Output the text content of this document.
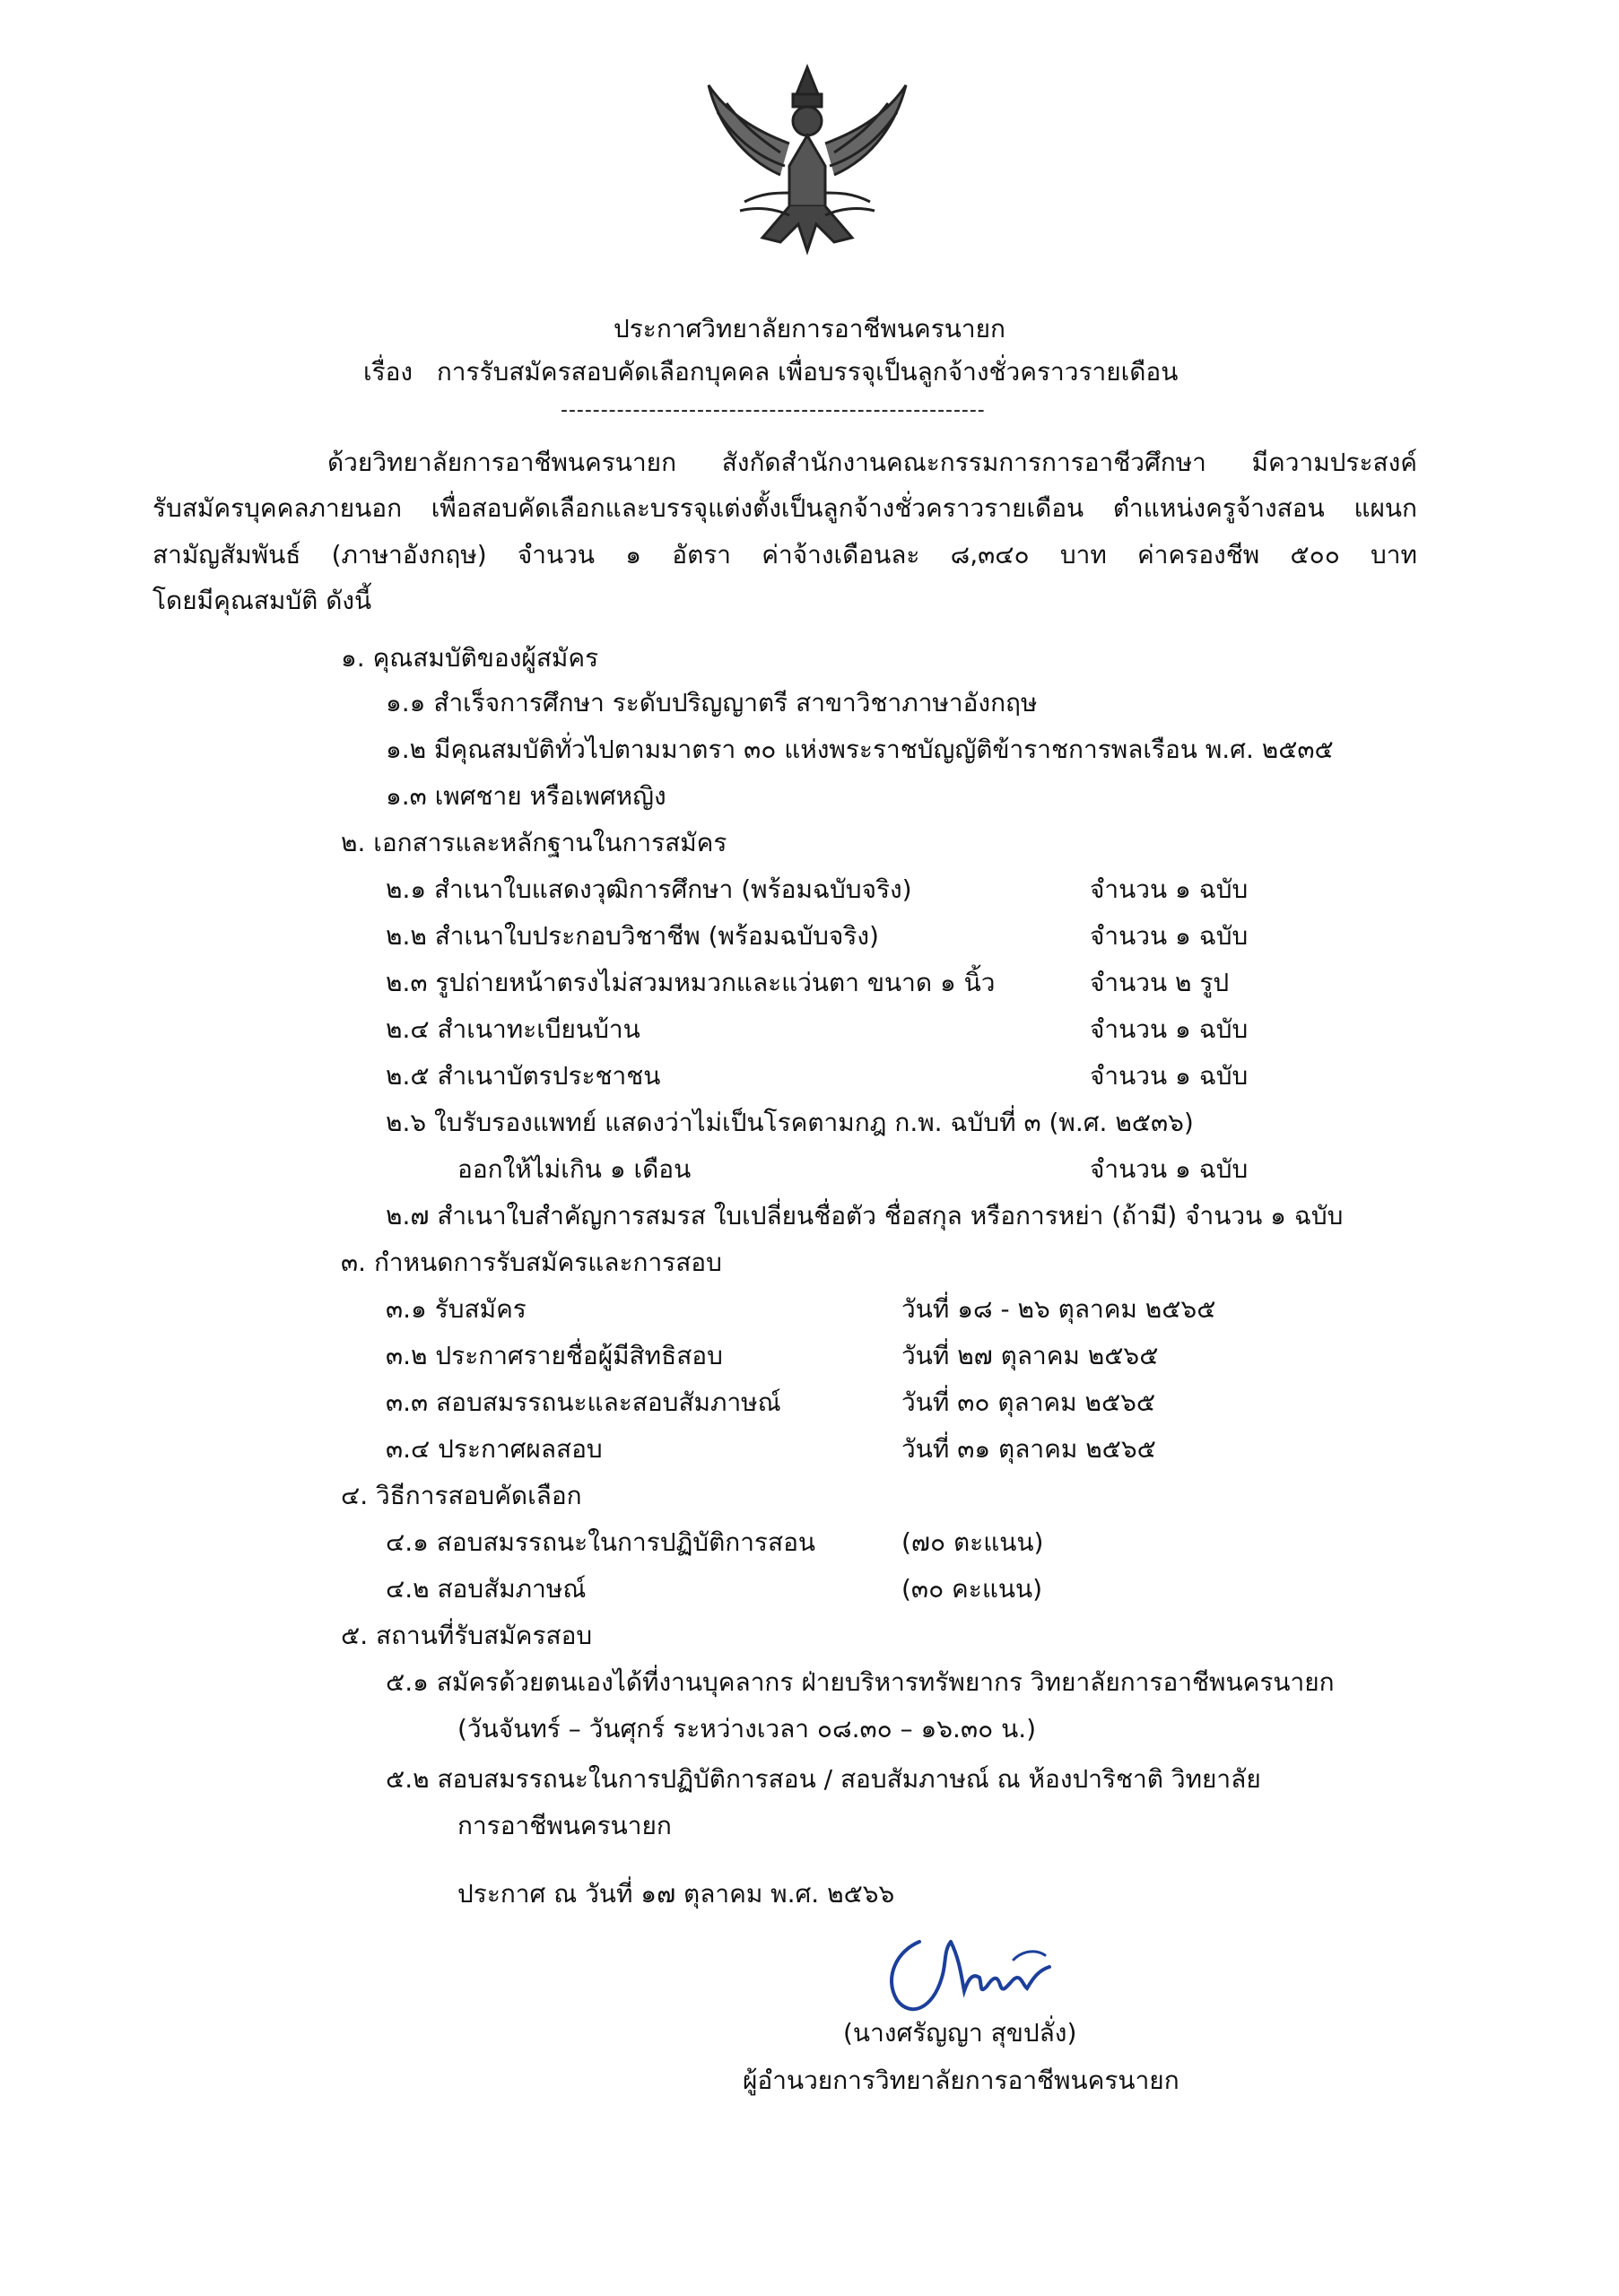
ประกาศวิทยาลัยการอาชีพนครนายก
เรื่อง การรับสมัครสอบคัดเลือกบุคคล เพื่อบรรจุเป็นลูกจ้างชั่วคราวรายเดือน
-----------------------------------------------------
ด้วยวิทยาลัยการอาชีพนครนายก สังกัดสำนักงานคณะกรรมการการอาชีวศึกษา มีความประสงค์
รับสมัครบุคคลภายนอก เพื่อสอบคัดเลือกและบรรจุแต่งตั้งเป็นลูกจ้างชั่วคราวรายเดือน ตำแหน่งครูจ้างสอน แผนก
สามัญสัมพันธ์ (ภาษาอังกฤษ) จำนวน ๑ อัตรา ค่าจ้างเดือนละ ๘,๓๔๐ บาท ค่าครองชีพ ๕๐๐ บาท
โดยมีคุณสมบัติ ดังนี้
๑. คุณสมบัติของผู้สมัคร
๑.๑ สำเร็จการศึกษา ระดับปริญญาตรี สาขาวิชาภาษาอังกฤษ
๑.๒ มีคุณสมบัติทั่วไปตามมาตรา ๓๐ แห่งพระราชบัญญัติข้าราชการพลเรือน พ.ศ. ๒๕๓๕
๑.๓ เพศชาย หรือเพศหญิง
๒. เอกสารและหลักฐานในการสมัคร
๒.๑ สำเนาใบแสดงวุฒิการศึกษา (พร้อมฉบับจริง)	จำนวน ๑ ฉบับ
๒.๒ สำเนาใบประกอบวิชาชีพ (พร้อมฉบับจริง)	จำนวน ๑ ฉบับ
๒.๓ รูปถ่ายหน้าตรงไม่สวมหมวกและแว่นตา ขนาด ๑ นิ้ว	จำนวน ๒ รูป
๒.๔ สำเนาทะเบียนบ้าน	จำนวน ๑ ฉบับ
๒.๕ สำเนาบัตรประชาชน	จำนวน ๑ ฉบับ
๒.๖ ใบรับรองแพทย์ แสดงว่าไม่เป็นโรคตามกฎ ก.พ. ฉบับที่ ๓ (พ.ศ. ๒๕๓๖)
ออกให้ไม่เกิน ๑ เดือน	จำนวน ๑ ฉบับ
๒.๗ สำเนาใบสำคัญการสมรส ใบเปลี่ยนชื่อตัว ชื่อสกุล หรือการหย่า (ถ้ามี) จำนวน ๑ ฉบับ
๓. กำหนดการรับสมัครและการสอบ
๓.๑ รับสมัคร	วันที่ ๑๘ - ๒๖ ตุลาคม ๒๕๖๕
๓.๒ ประกาศรายชื่อผู้มีสิทธิสอบ	วันที่ ๒๗ ตุลาคม ๒๕๖๕
๓.๓ สอบสมรรถนะและสอบสัมภาษณ์	วันที่ ๓๐ ตุลาคม ๒๕๖๕
๓.๔ ประกาศผลสอบ	วันที่ ๓๑ ตุลาคม ๒๕๖๕
๔. วิธีการสอบคัดเลือก
๔.๑ สอบสมรรถนะในการปฏิบัติการสอน	(๗๐ ตะแนน)
๔.๒ สอบสัมภาษณ์	(๓๐ คะแนน)
๕. สถานที่รับสมัครสอบ
๕.๑ สมัครด้วยตนเองได้ที่งานบุคลากร ฝ่ายบริหารทรัพยากร วิทยาลัยการอาชีพนครนายก
(วันจันทร์ – วันศุกร์ ระหว่างเวลา ๐๘.๓๐ – ๑๖.๓๐ น.)
๕.๒ สอบสมรรถนะในการปฏิบัติการสอน / สอบสัมภาษณ์ ณ ห้องปาริชาติ วิทยาลัย
การอาชีพนครนายก
ประกาศ ณ วันที่ ๑๗ ตุลาคม พ.ศ. ๒๕๖๖
(นางศรัญญา สุขปลั่ง)
ผู้อำนวยการวิทยาลัยการอาชีพนครนายก
